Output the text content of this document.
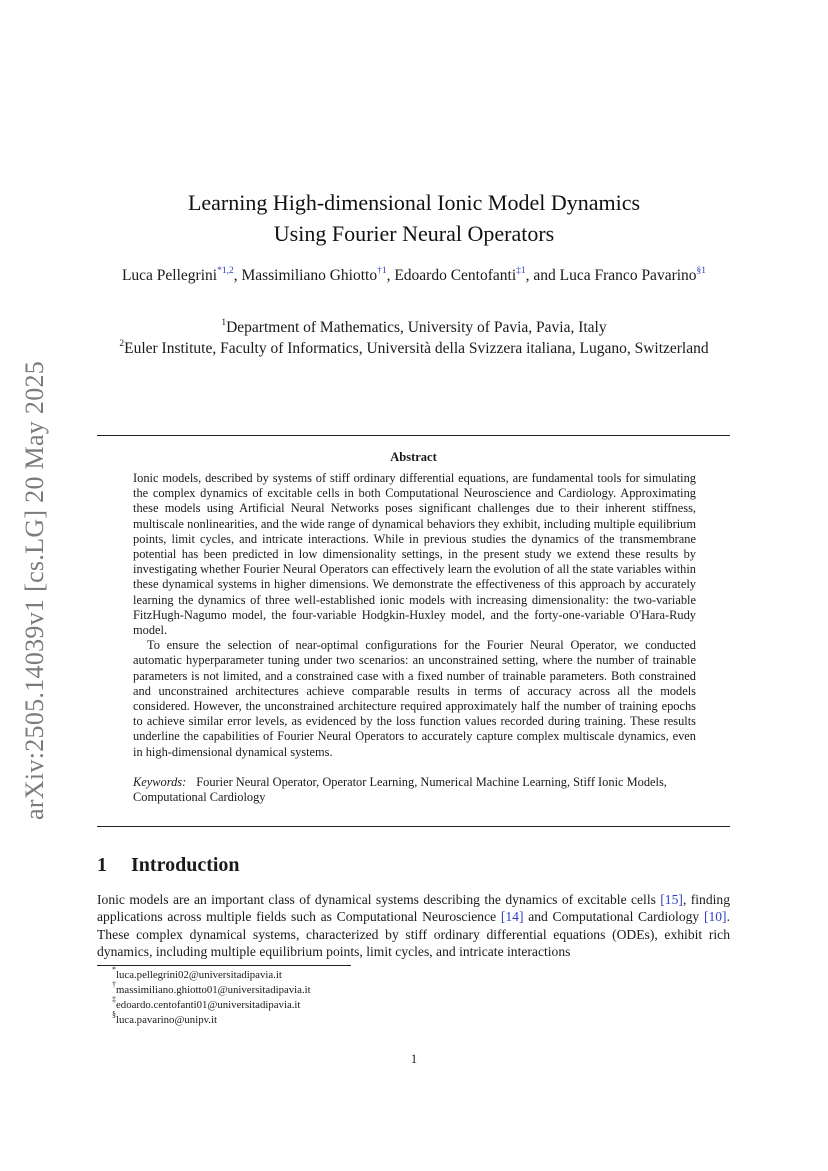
arXiv:2505.14039v1 [cs.LG] 20 May 2025
Learning High-dimensional Ionic Model Dynamics
Using Fourier Neural Operators
Luca Pellegrini$^{*1,2}$, Massimiliano Ghiotto$^{\dagger 1}$, Edoardo Centofanti$^{\ddagger 1}$, and Luca Franco Pavarino$^{\S 1}$
$^1$Department of Mathematics, University of Pavia, Pavia, Italy
$^2$Euler Institute, Faculty of Informatics, Università della Svizzera italiana, Lugano, Switzerland
Abstract

Ionic models, described by systems of stiff ordinary differential equations, are fundamental tools for simulating the complex dynamics of excitable cells in both Computational Neuroscience and Cardiology. Approximating these models using Artificial Neural Networks poses significant challenges due to their inherent stiffness, multiscale nonlinearities, and the wide range of dynamical behaviors they exhibit, including multiple equilibrium points, limit cycles, and intricate interactions. While in previous studies the dynamics of the transmembrane potential has been predicted in low dimensionality settings, in the present study we extend these results by investigating whether Fourier Neural Operators can effectively learn the evolution of all the state variables within these dynamical systems in higher dimensions. We demonstrate the effectiveness of this approach by accurately learning the dynamics of three well-established ionic models with increasing dimensionality: the two-variable FitzHugh-Nagumo model, the four-variable Hodgkin-Huxley model, and the forty-one-variable O'Hara-Rudy model.

To ensure the selection of near-optimal configurations for the Fourier Neural Operator, we conducted automatic hyperparameter tuning under two scenarios: an unconstrained setting, where the number of trainable parameters is not limited, and a constrained case with a fixed number of trainable parameters. Both constrained and unconstrained architectures achieve comparable results in terms of accuracy across all the models considered. However, the unconstrained architecture required approximately half the number of training epochs to achieve similar error levels, as evidenced by the loss function values recorded during training. These results underline the capabilities of Fourier Neural Operators to accurately capture complex multiscale dynamics, even in high-dimensional dynamical systems.

Keywords: Fourier Neural Operator, Operator Learning, Numerical Machine Learning, Stiff Ionic Models, Computational Cardiology
1 Introduction

Ionic models are an important class of dynamical systems describing the dynamics of excitable cells [15], finding applications across multiple fields such as Computational Neuroscience [14] and Computational Cardiology [10]. These complex dynamical systems, characterized by stiff ordinary differential equations (ODEs), exhibit rich dynamics, including multiple equilibrium points, limit cycles, and intricate interactions

*luca.pellegrini02@universitadipavia.it
†massimiliano.ghiotto01@universitadipavia.it
‡edoardo.centofanti01@universitadipavia.it
§luca.pavarino@unipv.it
1
